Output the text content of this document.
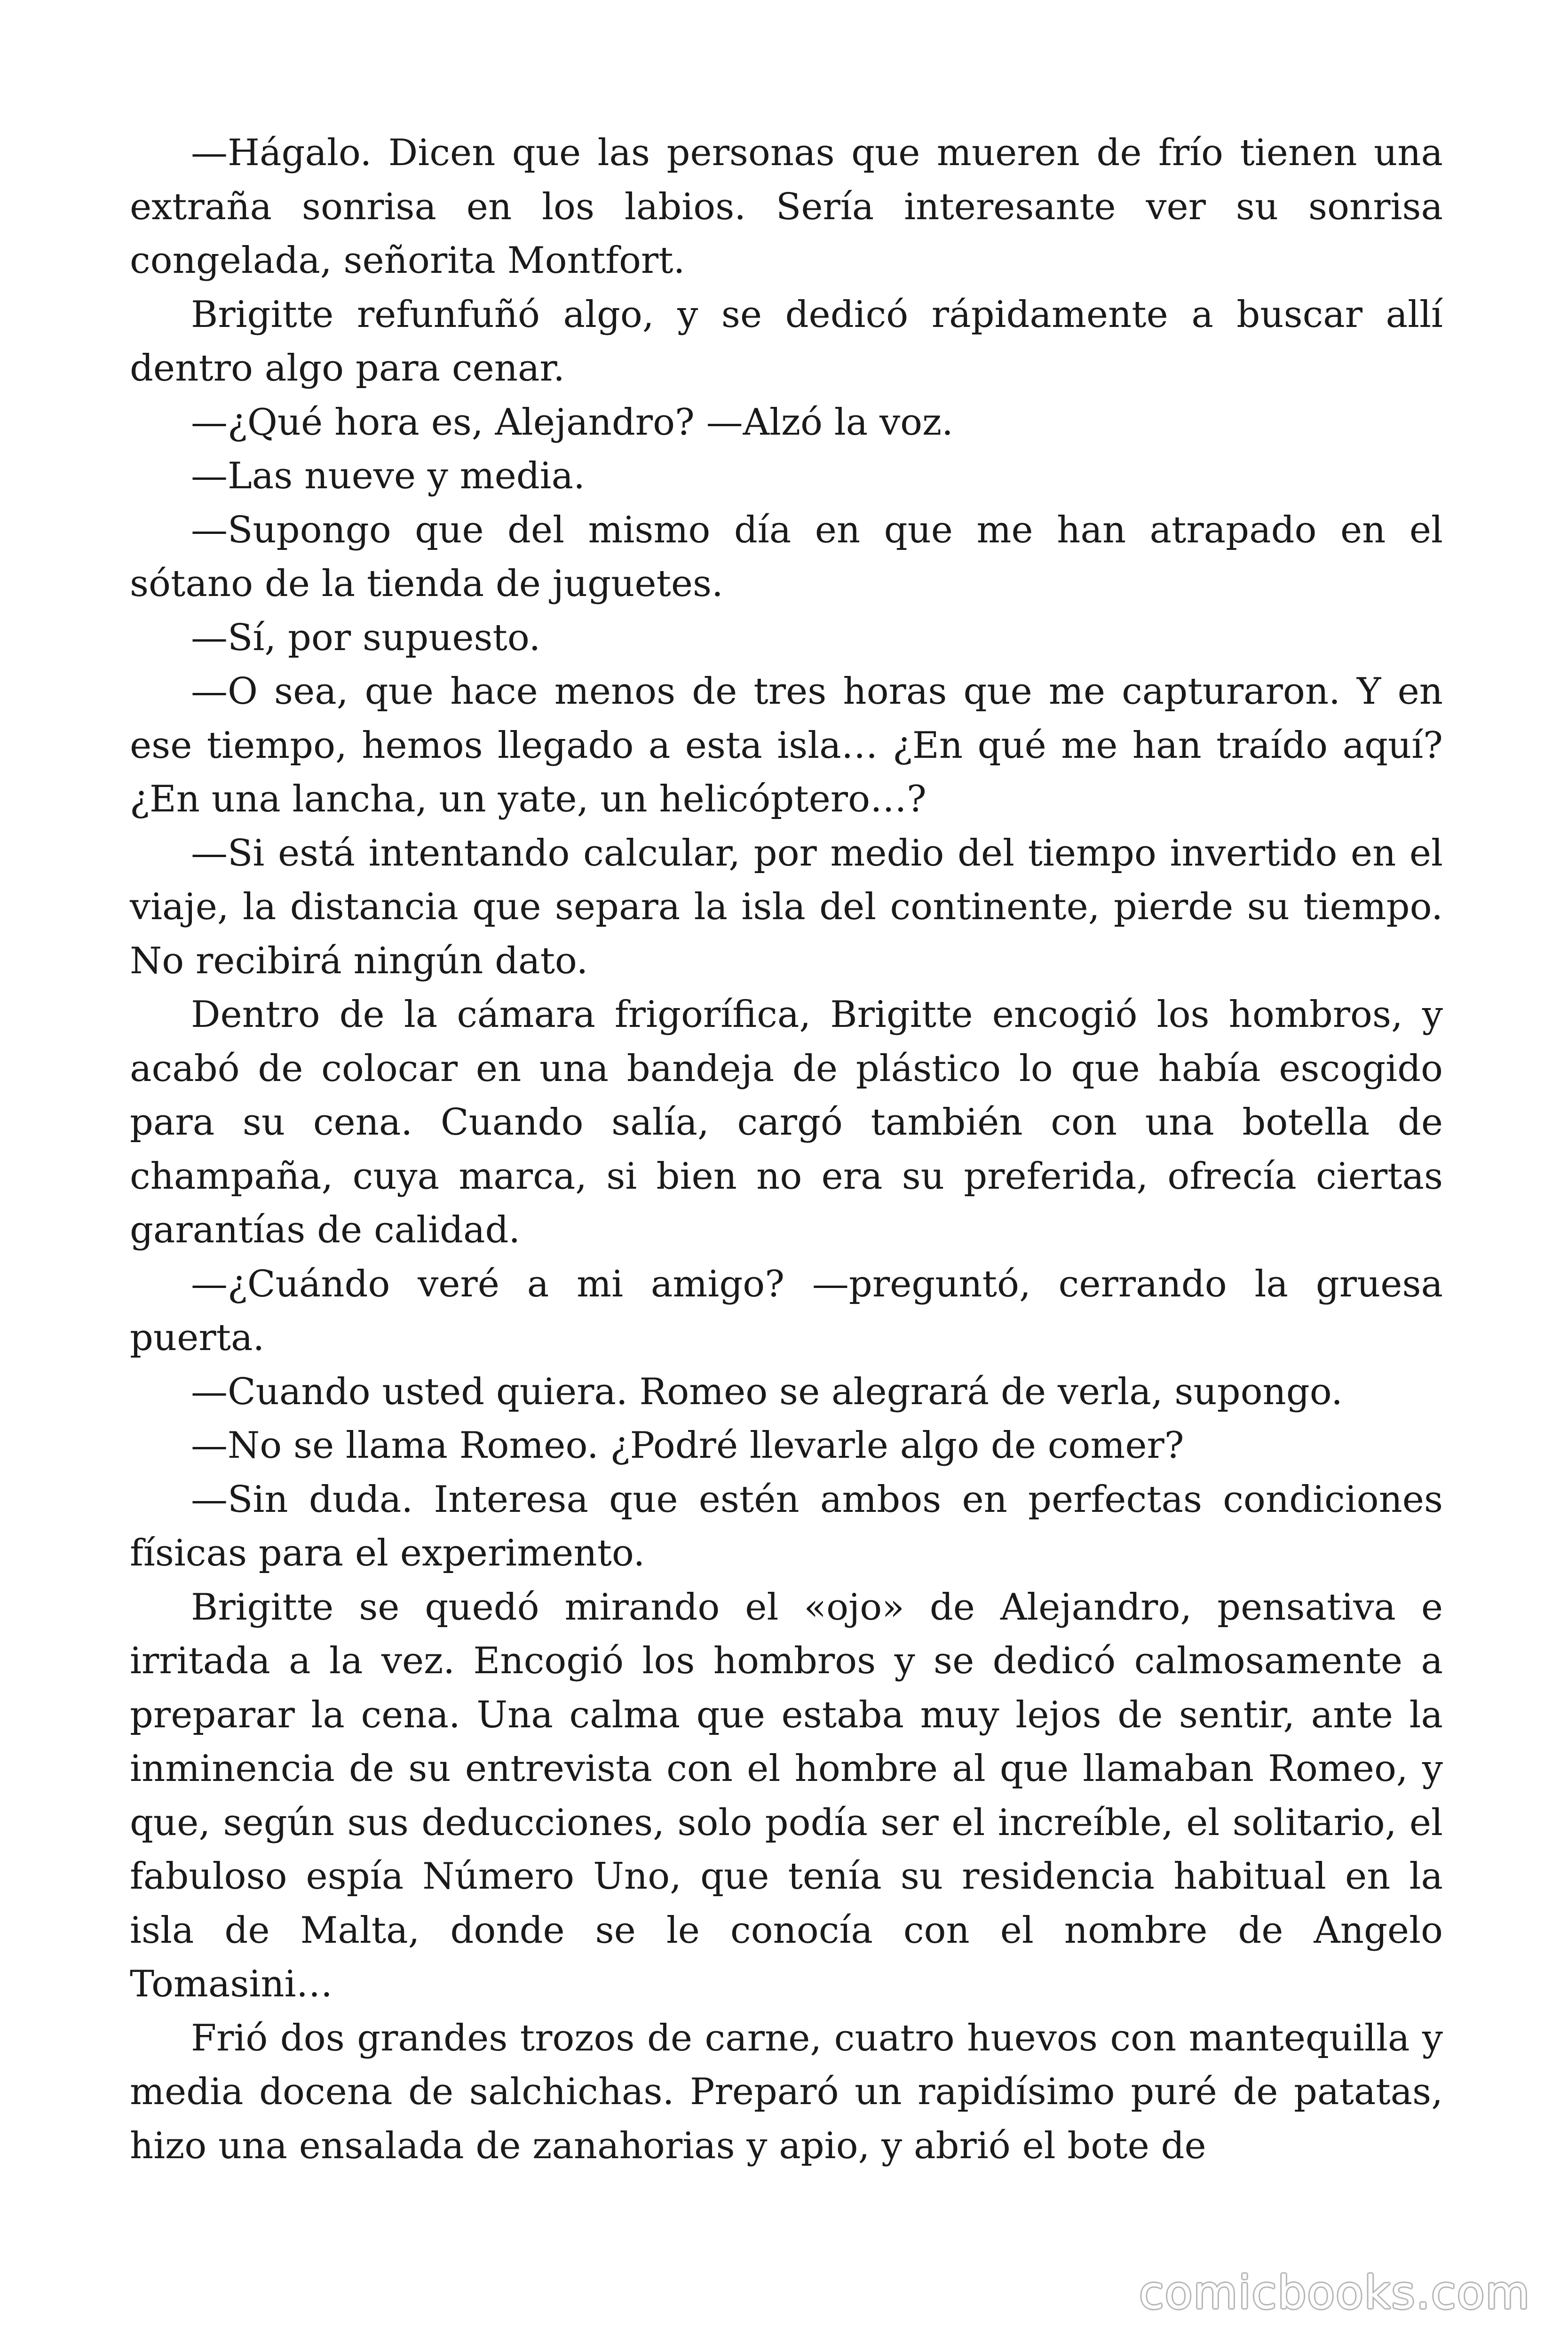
—Hágalo. Dicen que las personas que mueren de frío tienen una extraña sonrisa en los labios. Sería interesante ver su sonrisa congelada, señorita Montfort.

Brigitte refunfuñó algo, y se dedicó rápidamente a buscar allí dentro algo para cenar.

—¿Qué hora es, Alejandro? —Alzó la voz.

—Las nueve y media.

—Supongo que del mismo día en que me han atrapado en el sótano de la tienda de juguetes.

—Sí, por supuesto.

—O sea, que hace menos de tres horas que me capturaron. Y en ese tiempo, hemos llegado a esta isla… ¿En qué me han traído aquí? ¿En una lancha, un yate, un helicóptero…?

—Si está intentando calcular, por medio del tiempo invertido en el viaje, la distancia que separa la isla del continente, pierde su tiempo. No recibirá ningún dato.

Dentro de la cámara frigorífica, Brigitte encogió los hombros, y acabó de colocar en una bandeja de plástico lo que había escogido para su cena. Cuando salía, cargó también con una botella de champaña, cuya marca, si bien no era su preferida, ofrecía ciertas garantías de calidad.

—¿Cuándo veré a mi amigo? —preguntó, cerrando la gruesa puerta.

—Cuando usted quiera. Romeo se alegrará de verla, supongo.

—No se llama Romeo. ¿Podré llevarle algo de comer?

—Sin duda. Interesa que estén ambos en perfectas condiciones físicas para el experimento.

Brigitte se quedó mirando el «ojo» de Alejandro, pensativa e irritada a la vez. Encogió los hombros y se dedicó calmosamente a preparar la cena. Una calma que estaba muy lejos de sentir, ante la inminencia de su entrevista con el hombre al que llamaban Romeo, y que, según sus deducciones, solo podía ser el increíble, el solitario, el fabuloso espía Número Uno, que tenía su residencia habitual en la isla de Malta, donde se le conocía con el nombre de Angelo Tomasini…

Frió dos grandes trozos de carne, cuatro huevos con mantequilla y media docena de salchichas. Preparó un rapidísimo puré de patatas, hizo una ensalada de zanahorias y apio, y abrió el bote de

comicbooks.com
